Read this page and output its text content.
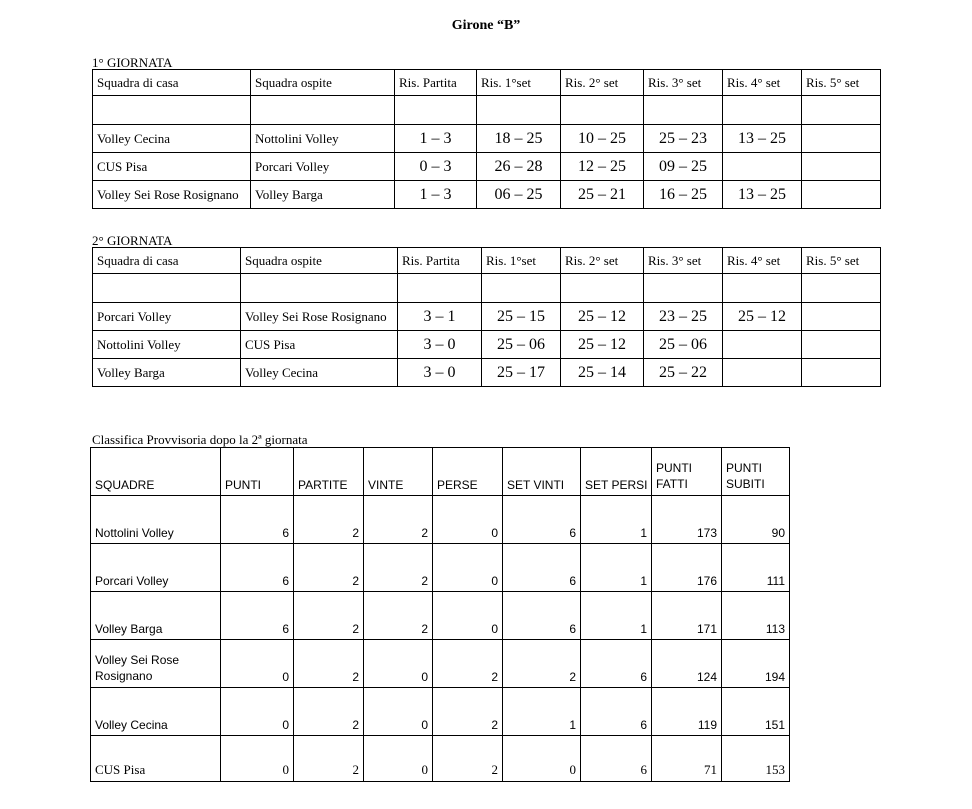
Girone “B”
1° GIORNATA
Squadra di casa	Squadra ospite	Ris. Partita	Ris. 1°set	Ris. 2° set	Ris. 3° set	Ris. 4° set	Ris. 5° set

Volley Cecina	Nottolini Volley	1 – 3	18 – 25	10 – 25	25 – 23	13 – 25	
CUS Pisa	Porcari Volley	0 – 3	26 – 28	12 – 25	09 – 25		
Volley Sei Rose Rosignano	Volley Barga	1 – 3	06 – 25	25 – 21	16 – 25	13 – 25	
2° GIORNATA
Squadra di casa	Squadra ospite	Ris. Partita	Ris. 1°set	Ris. 2° set	Ris. 3° set	Ris. 4° set	Ris. 5° set

Porcari Volley	Volley Sei Rose Rosignano	3 – 1	25 – 15	25 – 12	23 – 25	25 – 12	
Nottolini Volley	CUS Pisa	3 – 0	25 – 06	25 – 12	25 – 06		
Volley Barga	Volley Cecina	3 – 0	25 – 17	25 – 14	25 – 22		
Classifica Provvisoria dopo la 2ª giornata
SQUADRE	PUNTI	PARTITE	VINTE	PERSE	SET VINTI	SET PERSI	PUNTI FATTI	PUNTI SUBITI
Nottolini Volley	6	2	2	0	6	1	173	90
Porcari Volley	6	2	2	0	6	1	176	111
Volley Barga	6	2	2	0	6	1	171	113
Volley Sei Rose Rosignano	0	2	0	2	2	6	124	194
Volley Cecina	0	2	0	2	1	6	119	151
CUS Pisa	0	2	0	2	0	6	71	153
